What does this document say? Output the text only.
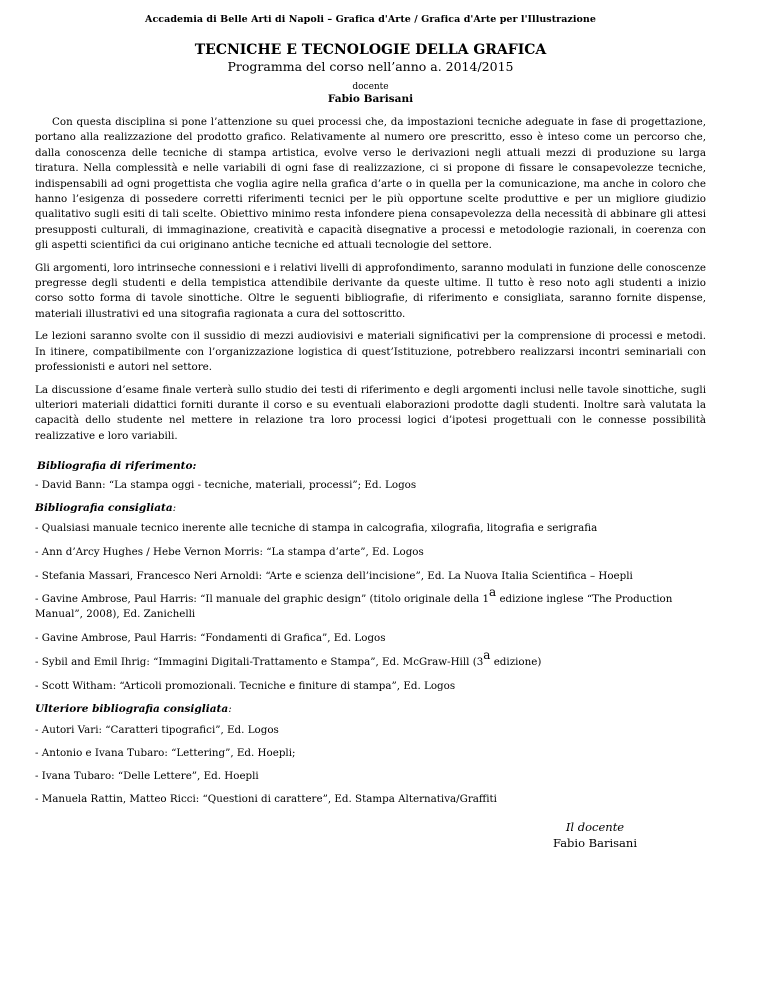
Accademia di Belle Arti di Napoli – Grafica d'Arte / Grafica d'Arte per l'Illustrazione
TECNICHE E TECNOLOGIE DELLA GRAFICA
Programma del corso nell’anno a. 2014/2015
docente
Fabio Barisani

Con questa disciplina si pone l’attenzione su quei processi che, da impostazioni tecniche adeguate in fase di progettazione, portano alla realizzazione del prodotto grafico. Relativamente al numero ore prescritto, esso è inteso come un percorso che, dalla conoscenza delle tecniche di stampa artistica, evolve verso le derivazioni negli attuali mezzi di produzione su larga tiratura. Nella complessità e nelle variabili di ogni fase di realizzazione, ci si propone di fissare le consapevolezze tecniche, indispensabili ad ogni progettista che voglia agire nella grafica d’arte o in quella per la comunicazione, ma anche in coloro che hanno l’esigenza di possedere corretti riferimenti tecnici per le più opportune scelte produttive e per un migliore giudizio qualitativo sugli esiti di tali scelte. Obiettivo minimo resta infondere piena consapevolezza della necessità di abbinare gli attesi presupposti culturali, di immaginazione, creatività e capacità disegnative a processi e metodologie razionali, in coerenza con gli aspetti scientifici da cui originano antiche tecniche ed attuali tecnologie del settore.

Gli argomenti, loro intrinseche connessioni e i relativi livelli di approfondimento, saranno modulati in funzione delle conoscenze pregresse degli studenti e della tempistica attendibile derivante da queste ultime. Il tutto è reso noto agli studenti a inizio corso sotto forma di tavole sinottiche. Oltre le seguenti bibliografie, di riferimento e consigliata, saranno fornite dispense, materiali illustrativi ed una sitografia ragionata a cura del sottoscritto.

Le lezioni saranno svolte con il sussidio di mezzi audiovisivi e materiali significativi per la comprensione di processi e metodi. In itinere, compatibilmente con l’organizzazione logistica di quest’Istituzione, potrebbero realizzarsi incontri seminariali con professionisti e autori nel settore.

La discussione d’esame finale verterà sullo studio dei testi di riferimento e degli argomenti inclusi nelle tavole sinottiche, sugli ulteriori materiali didattici forniti durante il corso e su eventuali elaborazioni prodotte dagli studenti. Inoltre sarà valutata la capacità dello studente nel mettere in relazione tra loro processi logici d’ipotesi progettuali con le connesse possibilità realizzative e loro variabili.

Bibliografia di riferimento:
- David Bann: “La stampa oggi - tecniche, materiali, processi”; Ed. Logos
Bibliografia consigliata:
- Qualsiasi manuale tecnico inerente alle tecniche di stampa in calcografia, xilografia, litografia e serigrafia
- Ann d’Arcy Hughes / Hebe Vernon Morris: “La stampa d’arte”, Ed. Logos
- Stefania Massari, Francesco Neri Arnoldi: “Arte e scienza dell’incisione”, Ed. La Nuova Italia Scientifica – Hoepli
- Gavine Ambrose, Paul Harris: “Il manuale del graphic design” (titolo originale della 1$^a$ edizione inglese “The Production Manual”, 2008), Ed. Zanichelli
- Gavine Ambrose, Paul Harris: “Fondamenti di Grafica”, Ed. Logos
- Sybil and Emil Ihrig: “Immagini Digitali-Trattamento e Stampa”, Ed. McGraw-Hill (3$^a$ edizione)
- Scott Witham: “Articoli promozionali. Tecniche e finiture di stampa”, Ed. Logos
Ulteriore bibliografia consigliata:
- Autori Vari: “Caratteri tipografici”, Ed. Logos
- Antonio e Ivana Tubaro: “Lettering”, Ed. Hoepli;
- Ivana Tubaro: “Delle Lettere”, Ed. Hoepli
- Manuela Rattin, Matteo Ricci: “Questioni di carattere”, Ed. Stampa Alternativa/Graffiti
Il docente
Fabio Barisani
